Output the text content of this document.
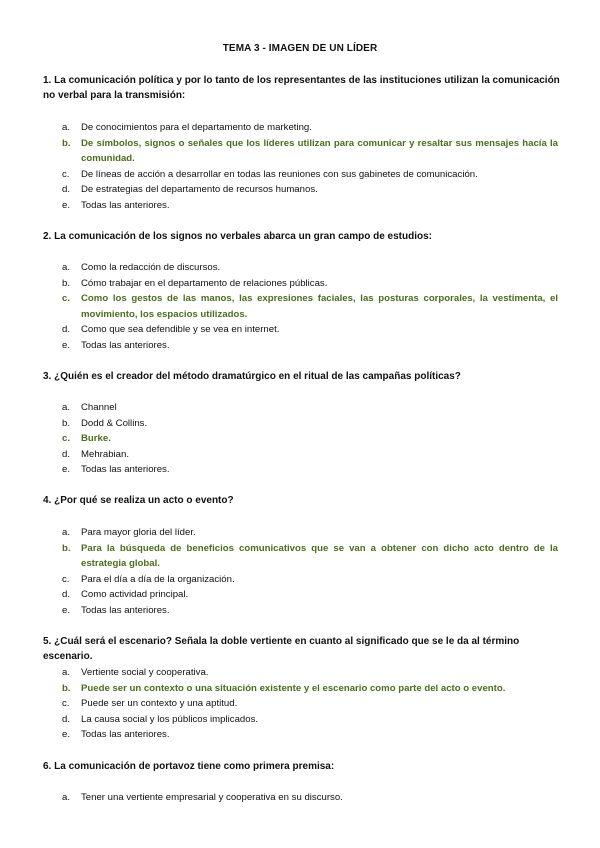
TEMA 3 - IMAGEN DE UN LÍDER
1. La comunicación política y por lo tanto de los representantes de las instituciones utilizan la comunicación no verbal para la transmisión:
a. De conocimientos para el departamento de marketing.
b. De símbolos, signos o señales que los líderes utilizan para comunicar y resaltar sus mensajes hacía la comunidad.
c. De líneas de acción a desarrollar en todas las reuniones con sus gabinetes de comunicación.
d. De estrategias del departamento de recursos humanos.
e. Todas las anteriores.
2. La comunicación de los signos no verbales abarca un gran campo de estudios:
a. Como la redacción de discursos.
b. Cómo trabajar en el departamento de relaciones públicas.
c. Como los gestos de las manos, las expresiones faciales, las posturas corporales, la vestimenta, el movimiento, los espacios utilizados.
d. Como que sea defendible y se vea en internet.
e. Todas las anteriores.
3. ¿Quién es el creador del método dramatúrgico en el ritual de las campañas políticas?
a. Channel
b. Dodd & Collins.
c. Burke.
d. Mehrabian.
e. Todas las anteriores.
4. ¿Por qué se realiza un acto o evento?
a. Para mayor gloria del líder.
b. Para la búsqueda de beneficios comunicativos que se van a obtener con dicho acto dentro de la estrategia global.
c. Para el día a día de la organización.
d. Como actividad principal.
e. Todas las anteriores.
5. ¿Cuál será el escenario? Señala la doble vertiente en cuanto al significado que se le da al término escenario.
a. Vertiente social y cooperativa.
b. Puede ser un contexto o una situación existente y el escenario como parte del acto o evento.
c. Puede ser un contexto y una aptitud.
d. La causa social y los públicos implicados.
e. Todas las anteriores.
6. La comunicación de portavoz tiene como primera premisa:
a. Tener una vertiente empresarial y cooperativa en su discurso.
